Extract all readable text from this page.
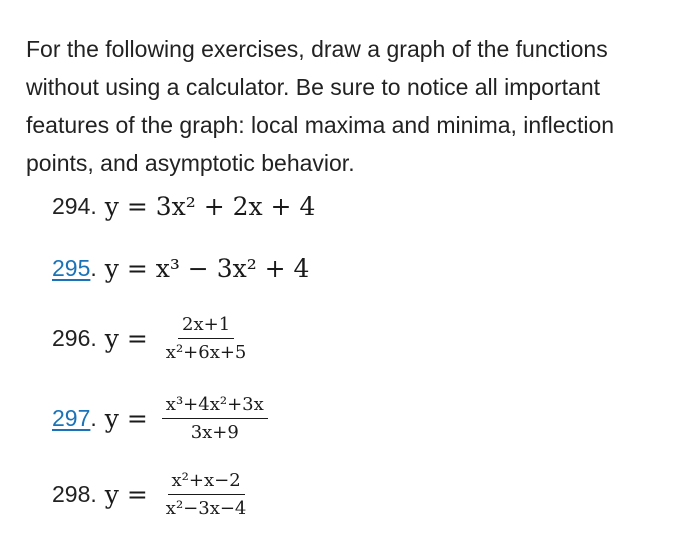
For the following exercises, draw a graph of the functions without using a calculator. Be sure to notice all important features of the graph: local maxima and minima, inflection points, and asymptotic behavior.

294 . y = 3x² + 2x + 4
295 . y = x³ − 3x² + 4
296 . $y = \frac{2x+1}{\text{x²+6x+5}}$
297 . $y = \frac{\text{x³+4x²+3x}}{3x+9}$
298 . $y = \frac{\text{x²+x−2}}{\text{x²−3x−4}}$
